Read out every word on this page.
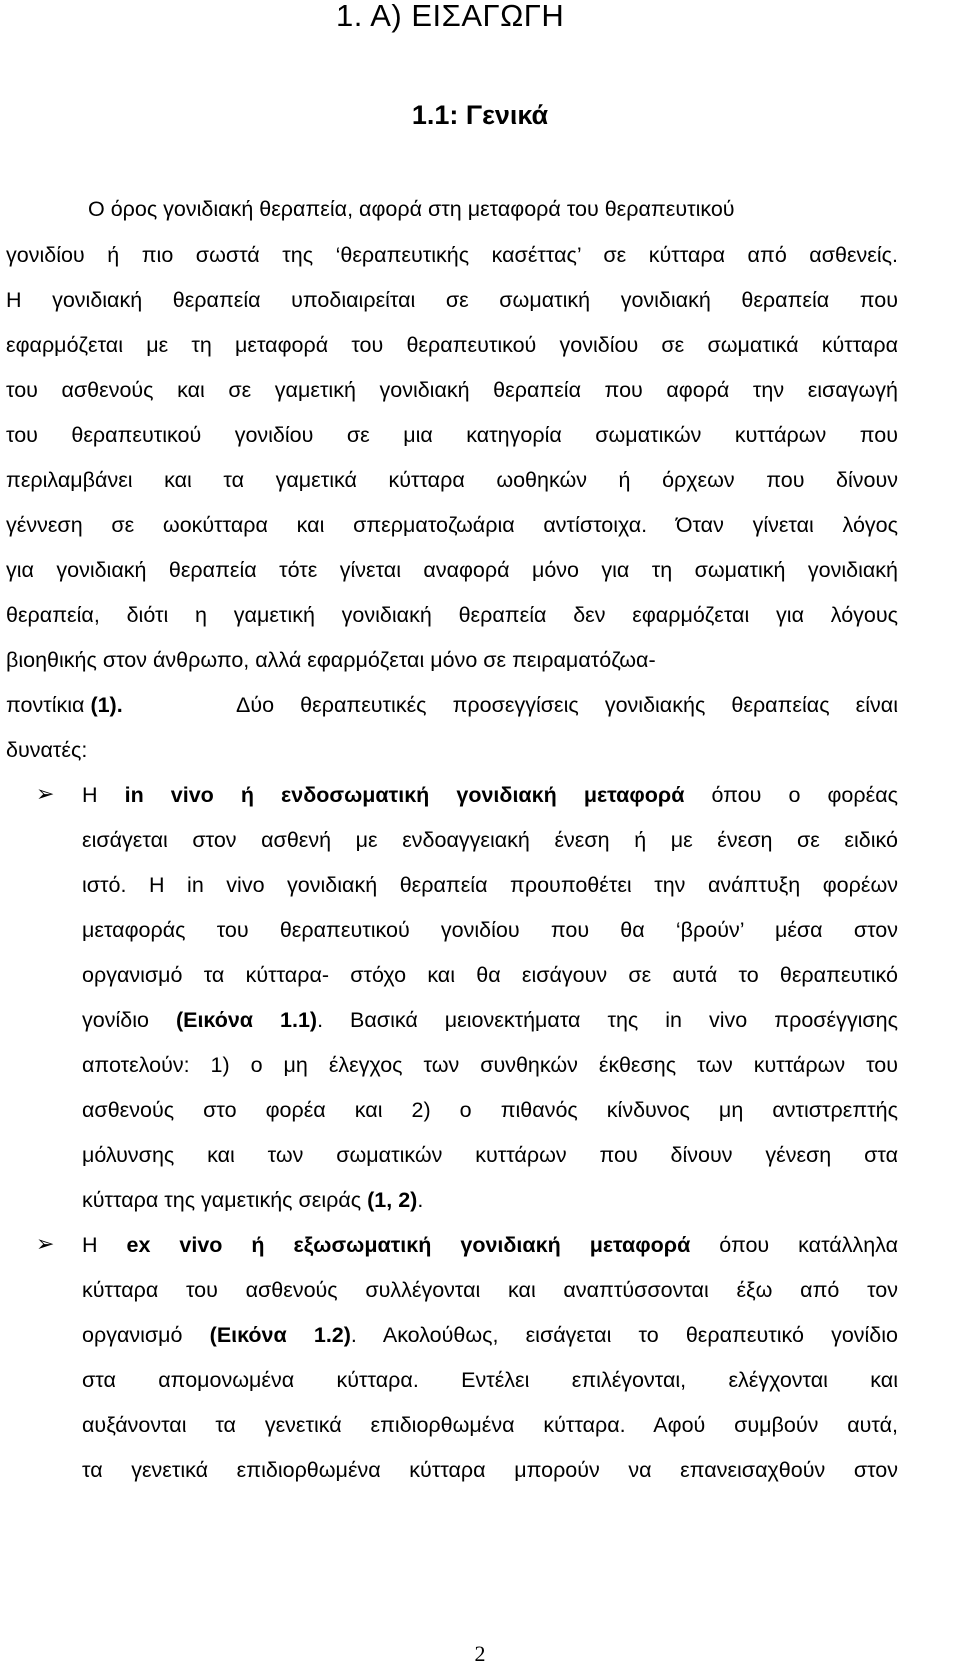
1. Α) ΕΙΣΑΓΩΓΗ
1.1: Γενικά
Ο όρος γονιδιακή θεραπεία, αφορά στη μεταφορά του θεραπευτικού
γονιδίου ή πιο σωστά της ‘θεραπευτικής κασέττας’ σε κύτταρα από ασθενείς.
Η γονιδιακή θεραπεία υποδιαιρείται σε σωματική γονιδιακή θεραπεία που
εφαρμόζεται με τη μεταφορά του θεραπευτικού γονιδίου σε σωματικά κύτταρα
του ασθενούς και σε γαμετική γονιδιακή θεραπεία που αφορά την εισαγωγή
του θεραπευτικού γονιδίου σε μια κατηγορία σωματικών κυττάρων που
περιλαμβάνει και τα γαμετικά κύτταρα ωοθηκών ή όρχεων που δίνουν
γέννεση σε ωοκύτταρα και σπερματοζωάρια αντίστοιχα. Όταν γίνεται λόγος
για γονιδιακή θεραπεία τότε γίνεται αναφορά μόνο για τη σωματική γονιδιακή
θεραπεία, διότι η γαμετική γονιδιακή θεραπεία δεν εφαρμόζεται για λόγους
βιοηθικής στον άνθρωπο, αλλά εφαρμόζεται μόνο σε πειραματόζωα-
ποντίκια (1).	Δύο θεραπευτικές προσεγγίσεις γονιδιακής θεραπείας είναι
δυνατές:
➢ Η in vivo ή ενδοσωματική γονιδιακή μεταφορά όπου ο φορέας
εισάγεται στον ασθενή με ενδοαγγειακή ένεση ή με ένεση σε ειδικό
ιστό. Η in vivo γονιδιακή θεραπεία προυποθέτει την ανάπτυξη φορέων
μεταφοράς του θεραπευτικού γονιδίου που θα ‘βρούν’ μέσα στον
οργανισμό τα κύτταρα- στόχο και θα εισάγουν σε αυτά το θεραπευτικό
γονίδιο (Εικόνα 1.1). Βασικά μειονεκτήματα της in vivo προσέγγισης
αποτελούν: 1) ο μη έλεγχος των συνθηκών έκθεσης των κυττάρων του
ασθενούς στο φορέα και 2) ο πιθανός κίνδυνος μη αντιστρεπτής
μόλυνσης και των σωματικών κυττάρων που δίνουν γένεση στα
κύτταρα της γαμετικής σειράς (1, 2).
➢ Η ex vivo ή εξωσωματική γονιδιακή μεταφορά όπου κατάλληλα
κύτταρα του ασθενούς συλλέγονται και αναπτύσσονται έξω από τον
οργανισμό (Εικόνα 1.2). Ακολούθως, εισάγεται το θεραπευτικό γονίδιο
στα απομονωμένα κύτταρα. Εντέλει επιλέγονται, ελέγχονται και
αυξάνονται τα γενετικά επιδιορθωμένα κύτταρα. Αφού συμβούν αυτά,
τα γενετικά επιδιορθωμένα κύτταρα μπορούν να επανεισαχθούν στον
2
